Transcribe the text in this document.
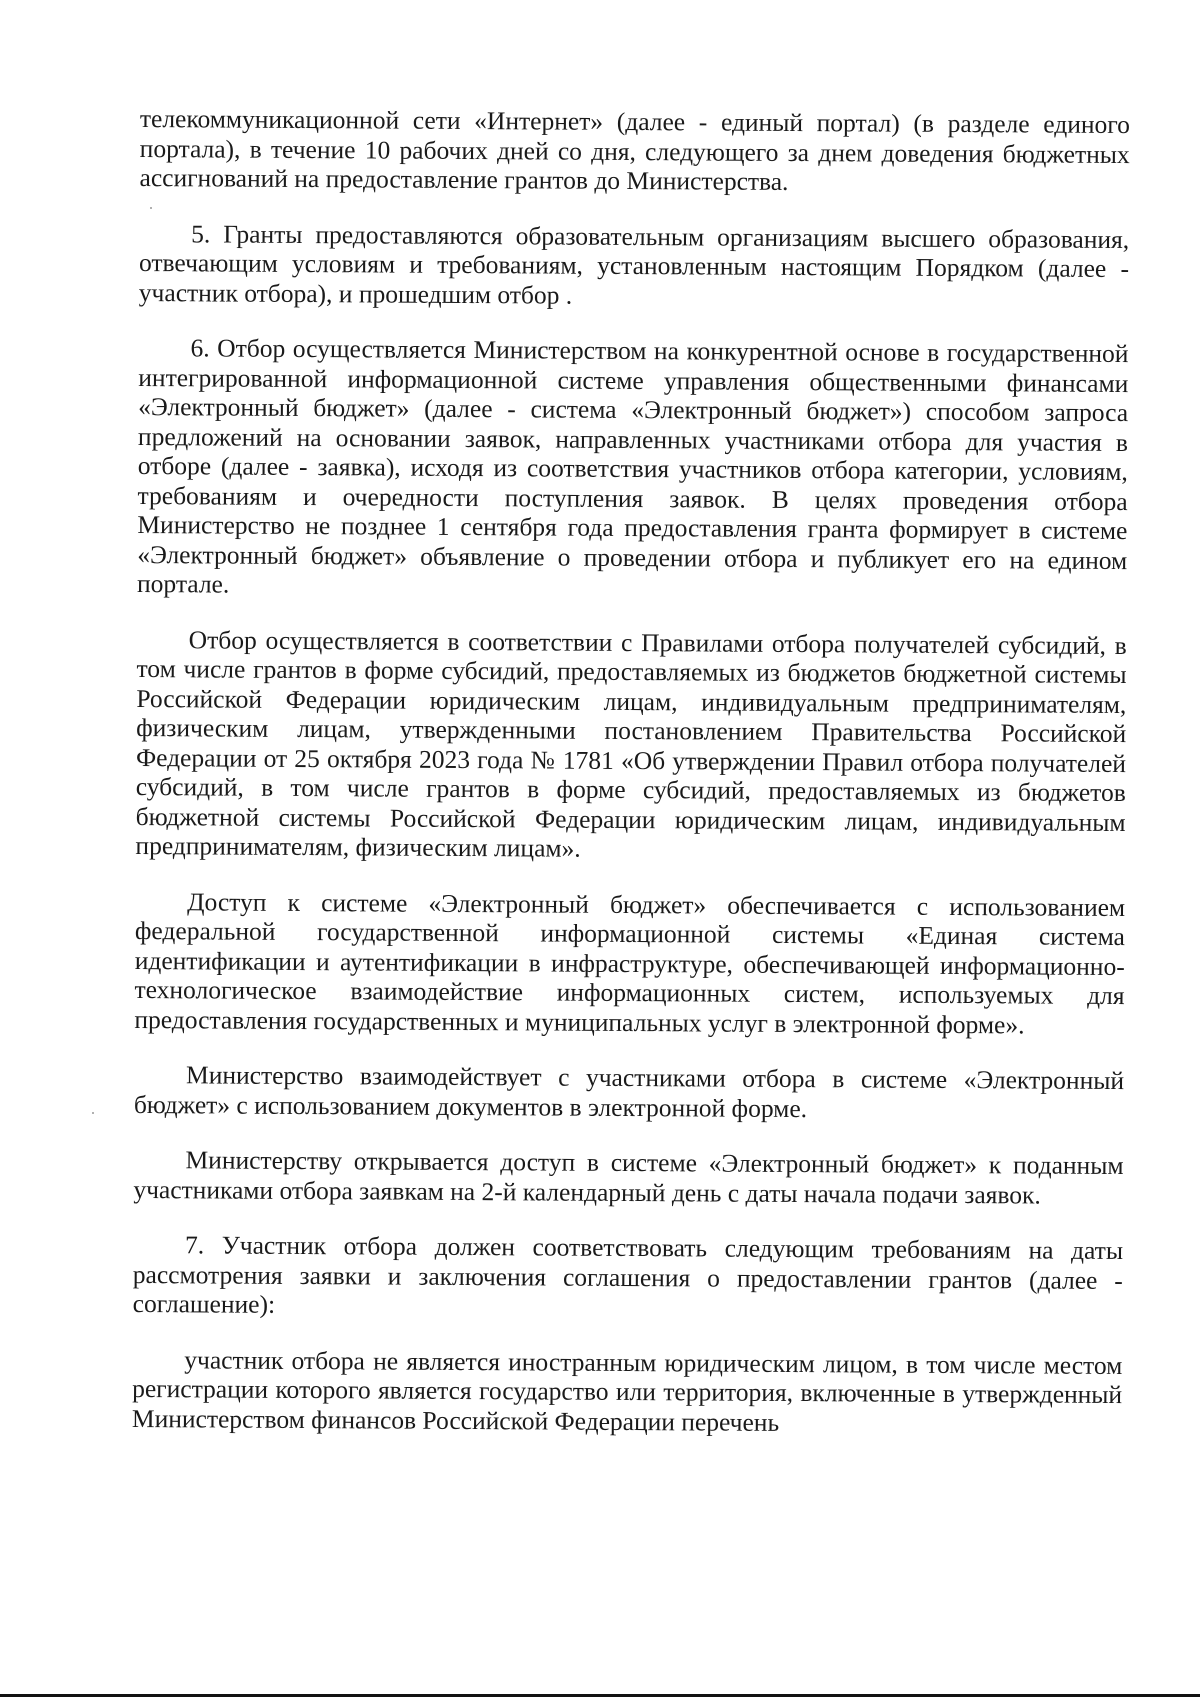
телекоммуникационной сети «Интернет» (далее - единый портал) (в разделе единого портала), в течение 10 рабочих дней со дня, следующего за днем доведения бюджетных ассигнований на предоставление грантов до Министерства.

5. Гранты предоставляются образовательным организациям высшего образования, отвечающим условиям и требованиям, установленным настоящим Порядком (далее - участник отбора), и прошедшим отбор .

6. Отбор осуществляется Министерством на конкурентной основе в государственной интегрированной информационной системе управления общественными финансами «Электронный бюджет» (далее - система «Электронный бюджет») способом запроса предложений на основании заявок, направленных участниками отбора для участия в отборе (далее - заявка), исходя из соответствия участников отбора категории, условиям, требованиям и очередности поступления заявок. В целях проведения отбора Министерство не позднее 1 сентября года предоставления гранта формирует в системе «Электронный бюджет» объявление о проведении отбора и публикует его на едином портале.

Отбор осуществляется в соответствии с Правилами отбора получателей субсидий, в том числе грантов в форме субсидий, предоставляемых из бюджетов бюджетной системы Российской Федерации юридическим лицам, индивидуальным предпринимателям, физическим лицам, утвержденными постановлением Правительства Российской Федерации от 25 октября 2023 года № 1781 «Об утверждении Правил отбора получателей субсидий, в том числе грантов в форме субсидий, предоставляемых из бюджетов бюджетной системы Российской Федерации юридическим лицам, индивидуальным предпринимателям, физическим лицам».

Доступ к системе «Электронный бюджет» обеспечивается с использованием федеральной государственной информационной системы «Единая система идентификации и аутентификации в инфраструктуре, обеспечивающей информационно-технологическое взаимодействие информационных систем, используемых для предоставления государственных и муниципальных услуг в электронной форме».

Министерство взаимодействует с участниками отбора в системе «Электронный бюджет» с использованием документов в электронной форме.

Министерству открывается доступ в системе «Электронный бюджет» к поданным участниками отбора заявкам на 2-й календарный день с даты начала подачи заявок.

7. Участник отбора должен соответствовать следующим требованиям на даты рассмотрения заявки и заключения соглашения о предоставлении грантов (далее - соглашение):

участник отбора не является иностранным юридическим лицом, в том числе местом регистрации которого является государство или территория, включенные в утвержденный Министерством финансов Российской Федерации перечень
